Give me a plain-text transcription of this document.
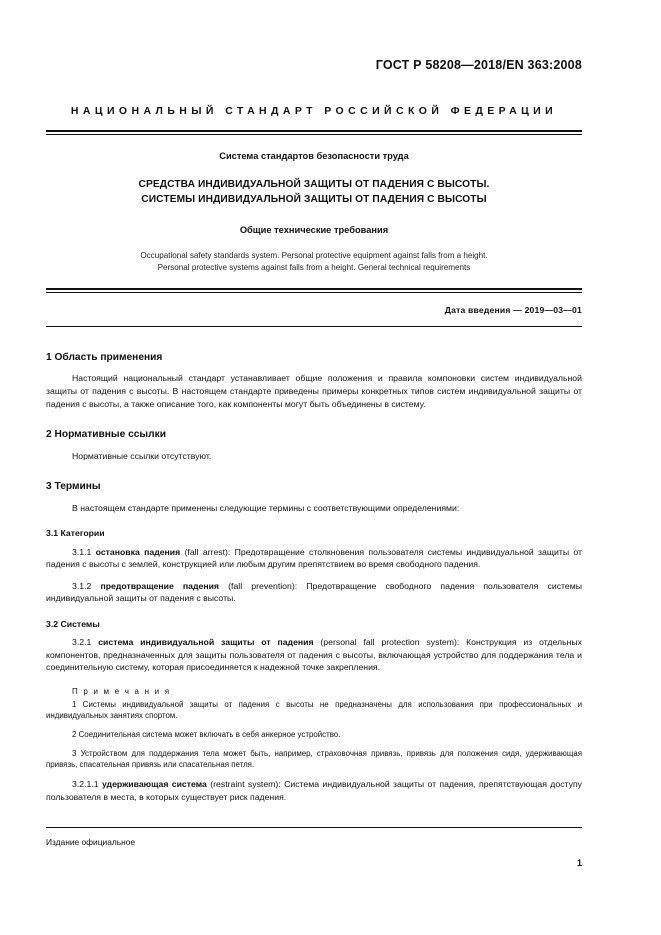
ГОСТ Р 58208—2018/EN 363:2008
НАЦИОНАЛЬНЫЙ СТАНДАРТ РОССИЙСКОЙ ФЕДЕРАЦИИ
Система стандартов безопасности труда
СРЕДСТВА ИНДИВИДУАЛЬНОЙ ЗАЩИТЫ ОТ ПАДЕНИЯ С ВЫСОТЫ.
СИСТЕМЫ ИНДИВИДУАЛЬНОЙ ЗАЩИТЫ ОТ ПАДЕНИЯ С ВЫСОТЫ
Общие технические требования
Occupational safety standards system. Personal protective equipment against falls from a height.
Personal protective systems against falls from a height. General technical requirements
Дата введения — 2019—03—01
1 Область применения

Настоящий национальный стандарт устанавливает общие положения и правила компоновки систем индивидуальной защиты от падения с высоты. В настоящем стандарте приведены примеры конкретных типов систем индивидуальной защиты от падения с высоты, а также описание того, как компоненты могут быть объединены в систему.

2 Нормативные ссылки

Нормативные ссылки отсутствуют.

3 Термины

В настоящем стандарте применены следующие термины с соответствующими определениями:

3.1 Категории

3.1.1 остановка падения (fall arrest): Предотвращение столкновения пользователя системы индивидуальной защиты от падения с высоты с землей, конструкцией или любым другим препятствием во время свободного падения.

3.1.2 предотвращение падения (fall prevention): Предотвращение свободного падения пользователя системы индивидуальной защиты от падения с высоты.

3.2 Системы

3.2.1 система индивидуальной защиты от падения (personal fall protection system): Конструкция из отдельных компонентов, предназначенных для защиты пользователя от падения с высоты, включающая устройство для поддержания тела и соединительную систему, которая присоединяется к надежной точке закрепления.

П р и м е ч а н и я

1 Системы индивидуальной защиты от падения с высоты не предназначены для использования при профессиональных и индивидуальных занятиях спортом.

2 Соединительная система может включать в себя анкерное устройство.

3 Устройством для поддержания тела может быть, например, страховочная привязь, привязь для положения сидя, удерживающая привязь, спасательная привязь или спасательная петля.

3.2.1.1 удерживающая система (restraint system): Система индивидуальной защиты от падения, препятствующая доступу пользователя в места, в которых существует риск падения.

Издание официальное
1
